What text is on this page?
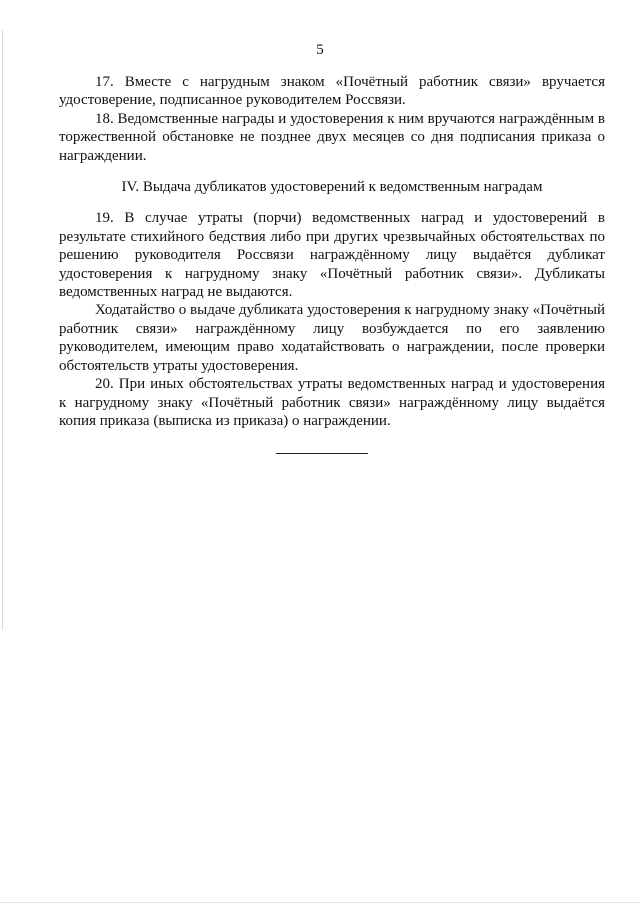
5

17. Вместе с нагрудным знаком «Почётный работник связи» вручается удостоверение, подписанное руководителем Россвязи.

18. Ведомственные награды и удостоверения к ним вручаются награждённым в торжественной обстановке не позднее двух месяцев со дня подписания приказа о награждении.

IV. Выдача дубликатов удостоверений к ведомственным наградам

19. В случае утраты (порчи) ведомственных наград и удостоверений в результате стихийного бедствия либо при других чрезвычайных обстоятельствах по решению руководителя Россвязи награждённому лицу выдаётся дубликат удостоверения к нагрудному знаку «Почётный работник связи». Дубликаты ведомственных наград не выдаются.

Ходатайство о выдаче дубликата удостоверения к нагрудному знаку «Почётный работник связи» награждённому лицу возбуждается по его заявлению руководителем, имеющим право ходатайствовать о награждении, после проверки обстоятельств утраты удостоверения.

20. При иных обстоятельствах утраты ведомственных наград и удостоверения к нагрудному знаку «Почётный работник связи» награждённому лицу выдаётся копия приказа (выписка из приказа) о награждении.
